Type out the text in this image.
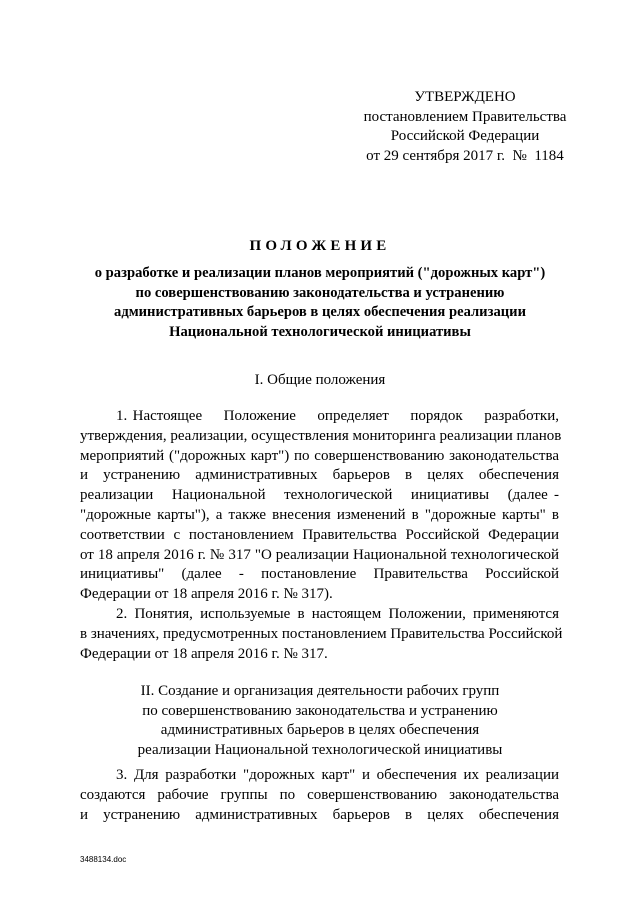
УТВЕРЖДЕНО
постановлением Правительства
Российской Федерации
от 29 сентября 2017 г.  №  1184
ПОЛОЖЕНИЕ
о разработке и реализации планов мероприятий ("дорожных карт")
по совершенствованию законодательства и устранению
административных барьеров в целях обеспечения реализации
Национальной технологической инициативы
I. Общие положения
1. Настоящее    Положение    определяет    порядок    разработки,
утверждения, реализации, осуществления мониторинга реализации планов
мероприятий ("дорожных карт") по совершенствованию законодательства
и   устранению   административных   барьеров   в   целях   обеспечения
реализации   Национальной   технологической   инициативы   (далее -
"дорожные карты"), а также внесения изменений в "дорожные карты" в
соответствии с постановлением Правительства Российской Федерации
от 18 апреля 2016 г. № 317 "О реализации Национальной технологической
инициативы"   (далее   -   постановление   Правительства   Российской
Федерации от 18 апреля 2016 г. № 317).
2. Понятия, используемые в настоящем Положении, применяются
в значениях, предусмотренных постановлением Правительства Российской
Федерации от 18 апреля 2016 г. № 317.
II. Создание и организация деятельности рабочих групп
по совершенствованию законодательства и устранению
административных барьеров в целях обеспечения
реализации Национальной технологической инициативы
3. Для разработки "дорожных карт" и обеспечения их реализации
создаются рабочие группы по совершенствованию законодательства
и   устранению   административных   барьеров   в   целях   обеспечения
3488134.doc
